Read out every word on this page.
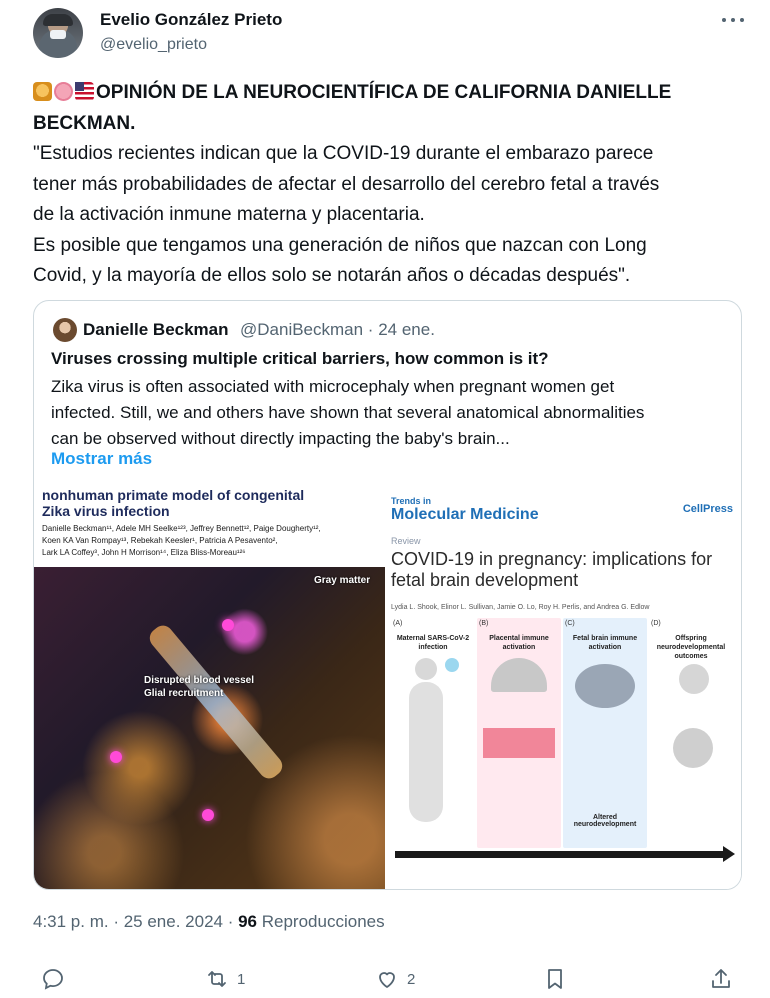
Evelio González Prieto
@evelio_prieto
OPINIÓN DE LA NEUROCIENTÍFICA DE CALIFORNIA DANIELLE
BECKMAN.
"Estudios recientes indican que la COVID-19 durante el embarazo parece
tener más probabilidades de afectar el desarrollo del cerebro fetal a través
de la activación inmune materna y placentaria.
Es posible que tengamos una generación de niños que nazcan con Long
Covid, y la mayoría de ellos solo se notarán años o décadas después".
Danielle Beckman @DaniBeckman · 24 ene.
Viruses crossing multiple critical barriers, how common is it?
Zika virus is often associated with microcephaly when pregnant women get
infected. Still, we and others have shown that several anatomical abnormalities
can be observed without directly impacting the baby's brain...
Mostrar más
nonhuman primate model of congenital
Zika virus infection
Danielle Beckman¹¹, Adele MH Seelke¹²³, Jeffrey Bennett¹², Paige Dougherty¹²,
Koen KA Van Rompay¹³, Rebekah Keesler¹, Patricia A Pesavento²,
Lark LA Coffey³, John H Morrison¹⁴, Eliza Bliss-Moreau¹²⁶
Gray matter
Disrupted blood vessel
Glial recruitment
Trends in
Molecular Medicine	CellPress
Review
COVID-19 in pregnancy: implications for fetal brain development
Lydia L. Shook, Elinor L. Sullivan, Jamie O. Lo, Roy H. Perlis, and Andrea G. Edlow
(A)
Maternal SARS-CoV-2 infection
(B)
Placental immune activation
(C)
Fetal brain immune activation
Altered neurodevelopment
(D)
Offspring neurodevelopmental outcomes
4:31 p. m. · 25 ene. 2024 · 96 Reproducciones
1	2
